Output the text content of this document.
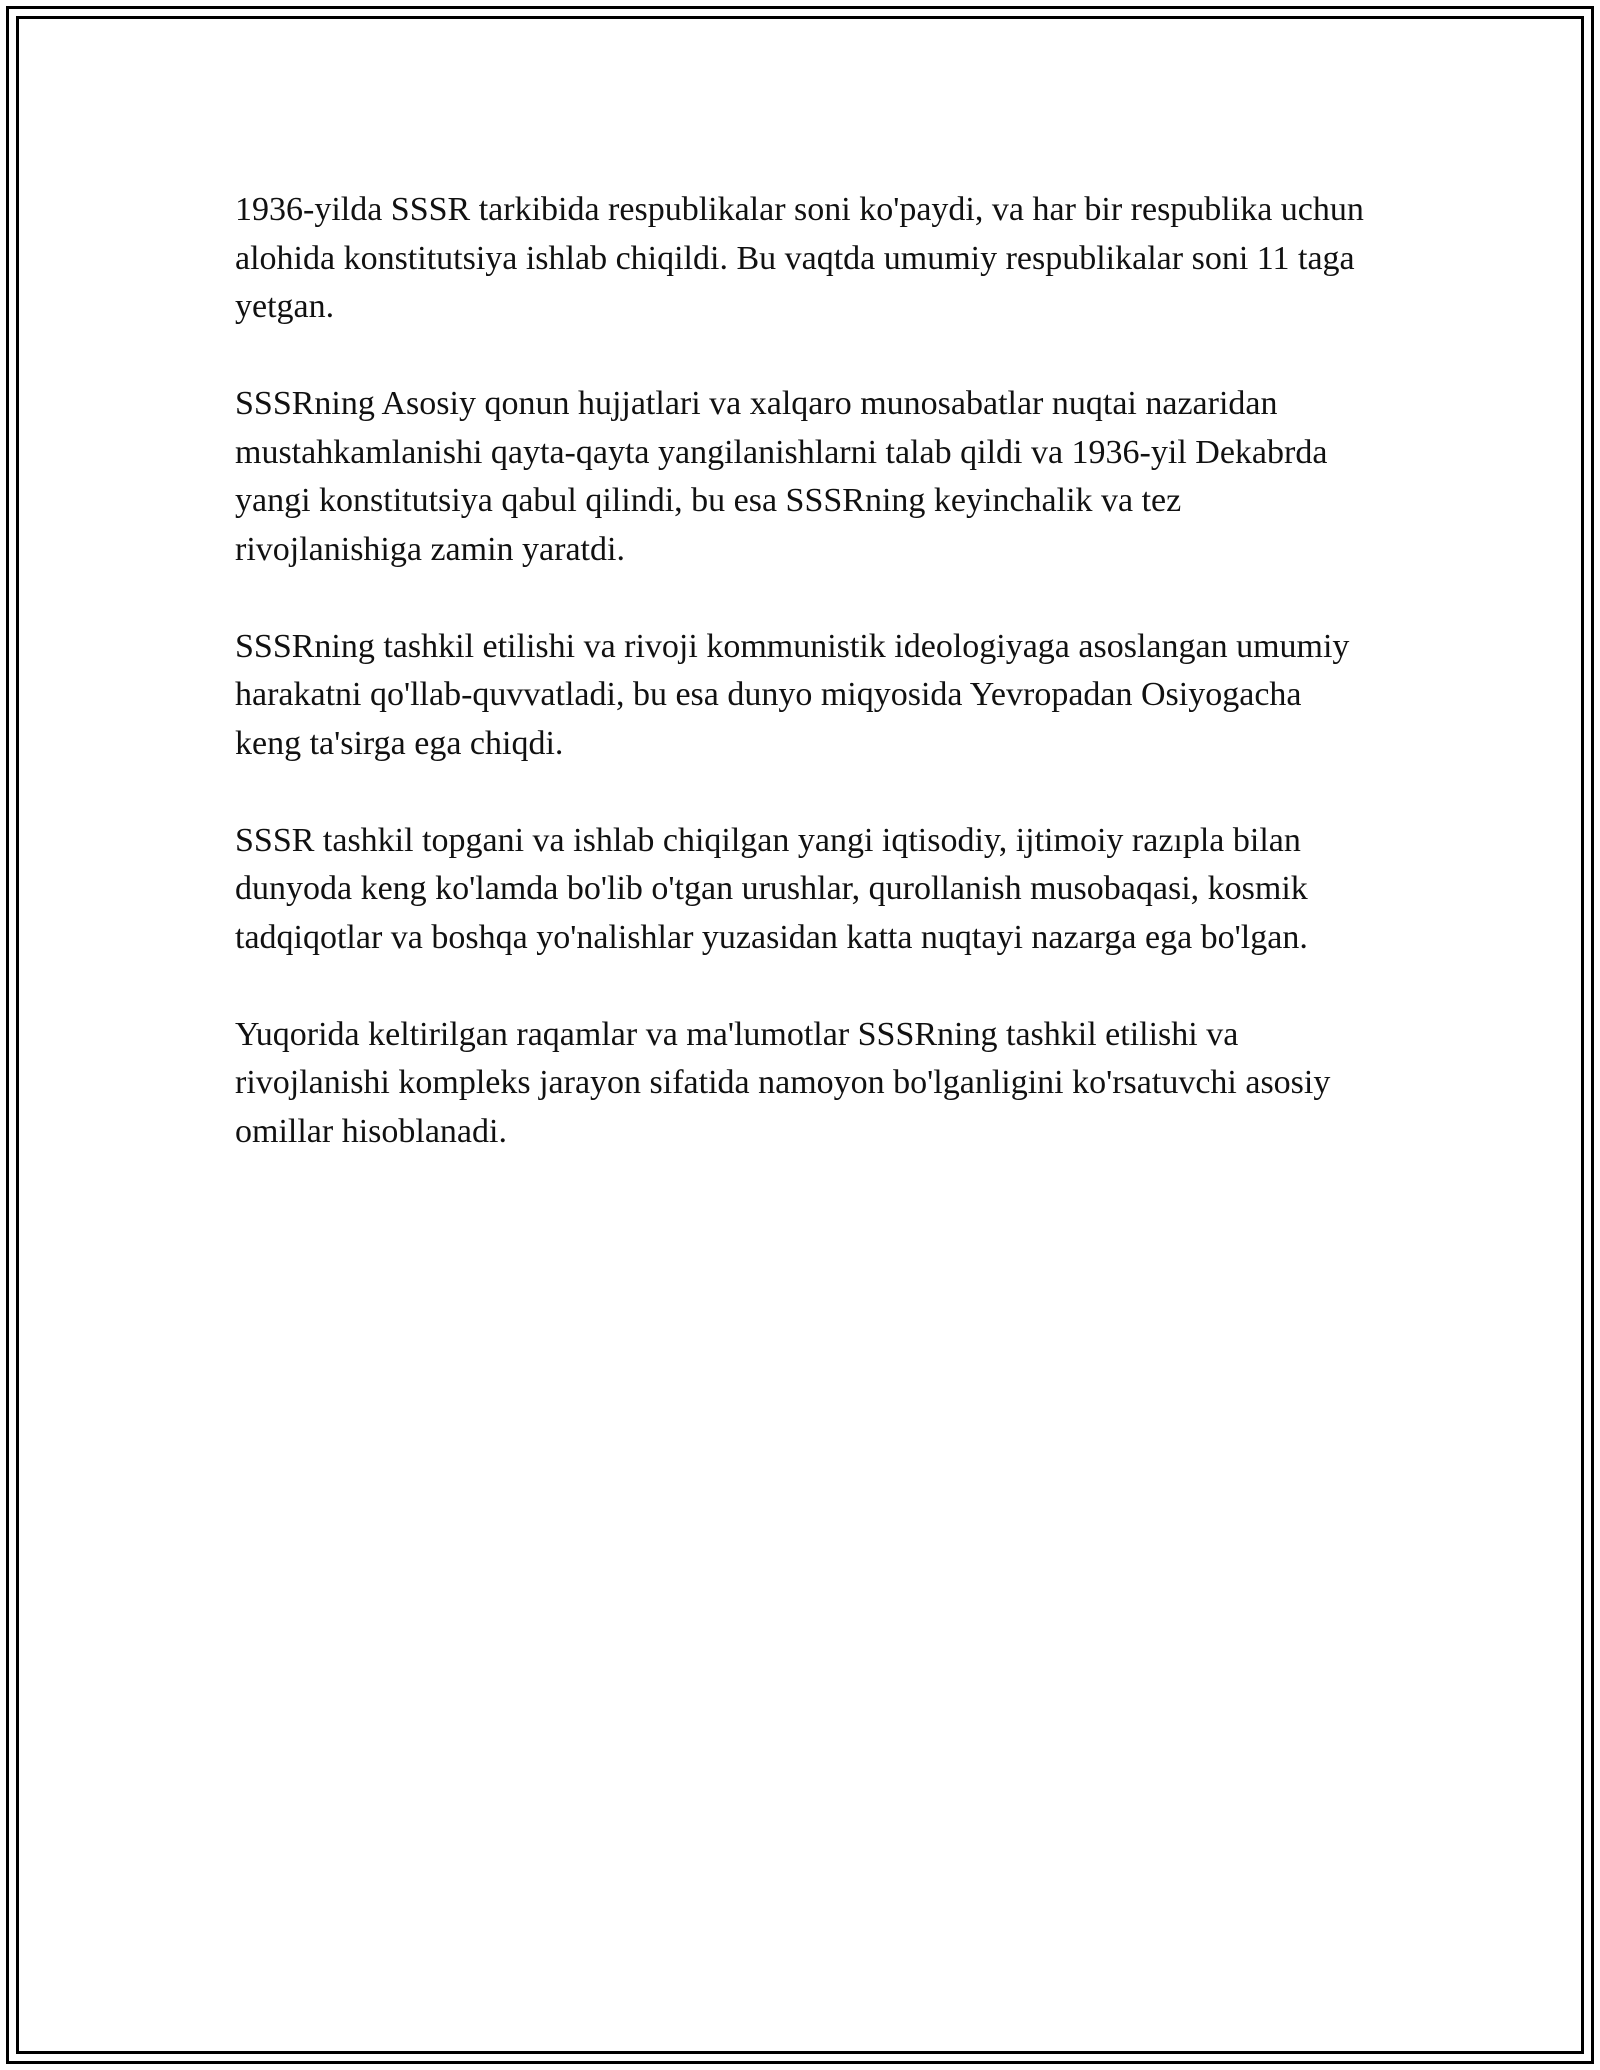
1936-yilda SSSR tarkibida respublikalar soni ko'paydi, va har bir respublika uchun alohida konstitutsiya ishlab chiqildi. Bu vaqtda umumiy respublikalar soni 11 taga yetgan.

SSSRning Asosiy qonun hujjatlari va xalqaro munosabatlar nuqtai nazaridan mustahkamlanishi qayta-qayta yangilanishlarni talab qildi va 1936-yil Dekabrda yangi konstitutsiya qabul qilindi, bu esa SSSRning keyinchalik va tez rivojlanishiga zamin yaratdi.

SSSRning tashkil etilishi va rivoji kommunistik ideologiyaga asoslangan umumiy harakatni qo'llab-quvvatladi, bu esa dunyo miqyosida Yevropadan Osiyogacha keng ta'sirga ega chiqdi.

SSSR tashkil topgani va ishlab chiqilgan yangi iqtisodiy, ijtimoiy razıpla bilan dunyoda keng ko'lamda bo'lib o'tgan urushlar, qurollanish musobaqasi, kosmik tadqiqotlar va boshqa yo'nalishlar yuzasidan katta nuqtayi nazarga ega bo'lgan.

Yuqorida keltirilgan raqamlar va ma'lumotlar SSSRning tashkil etilishi va rivojlanishi kompleks jarayon sifatida namoyon bo'lganligini ko'rsatuvchi asosiy omillar hisoblanadi.
